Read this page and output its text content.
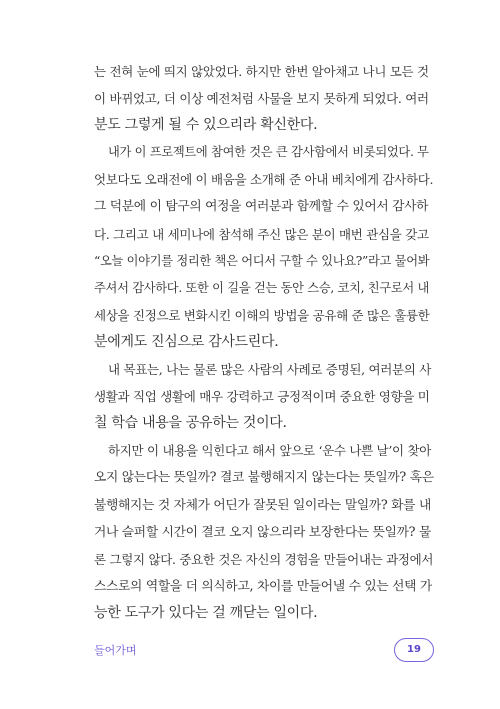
는 전혀 눈에 띄지 않았었다. 하지만 한번 알아채고 나니 모든 것
이 바뀌었고, 더 이상 예전처럼 사물을 보지 못하게 되었다. 여러
분도 그렇게 될 수 있으리라 확신한다.
내가 이 프로젝트에 참여한 것은 큰 감사함에서 비롯되었다. 무
엇보다도 오래전에 이 배움을 소개해 준 아내 베치에게 감사하다.
그 덕분에 이 탐구의 여정을 여러분과 함께할 수 있어서 감사하
다. 그리고 내 세미나에 참석해 주신 많은 분이 매번 관심을 갖고
“오늘 이야기를 정리한 책은 어디서 구할 수 있나요?”라고 물어봐
주셔서 감사하다. 또한 이 길을 걷는 동안 스승, 코치, 친구로서 내
세상을 진정으로 변화시킨 이해의 방법을 공유해 준 많은 훌륭한
분에게도 진심으로 감사드린다.
내 목표는, 나는 물론 많은 사람의 사례로 증명된, 여러분의 사
생활과 직업 생활에 매우 강력하고 긍정적이며 중요한 영향을 미
칠 학습 내용을 공유하는 것이다.
하지만 이 내용을 익힌다고 해서 앞으로 ‘운수 나쁜 날’이 찾아
오지 않는다는 뜻일까? 결코 불행해지지 않는다는 뜻일까? 혹은
불행해지는 것 자체가 어딘가 잘못된 일이라는 말일까? 화를 내
거나 슬퍼할 시간이 결코 오지 않으리라 보장한다는 뜻일까? 물
론 그렇지 않다. 중요한 것은 자신의 경험을 만들어내는 과정에서
스스로의 역할을 더 의식하고, 차이를 만들어낼 수 있는 선택 가
능한 도구가 있다는 걸 깨닫는 일이다.
들어가며	19
